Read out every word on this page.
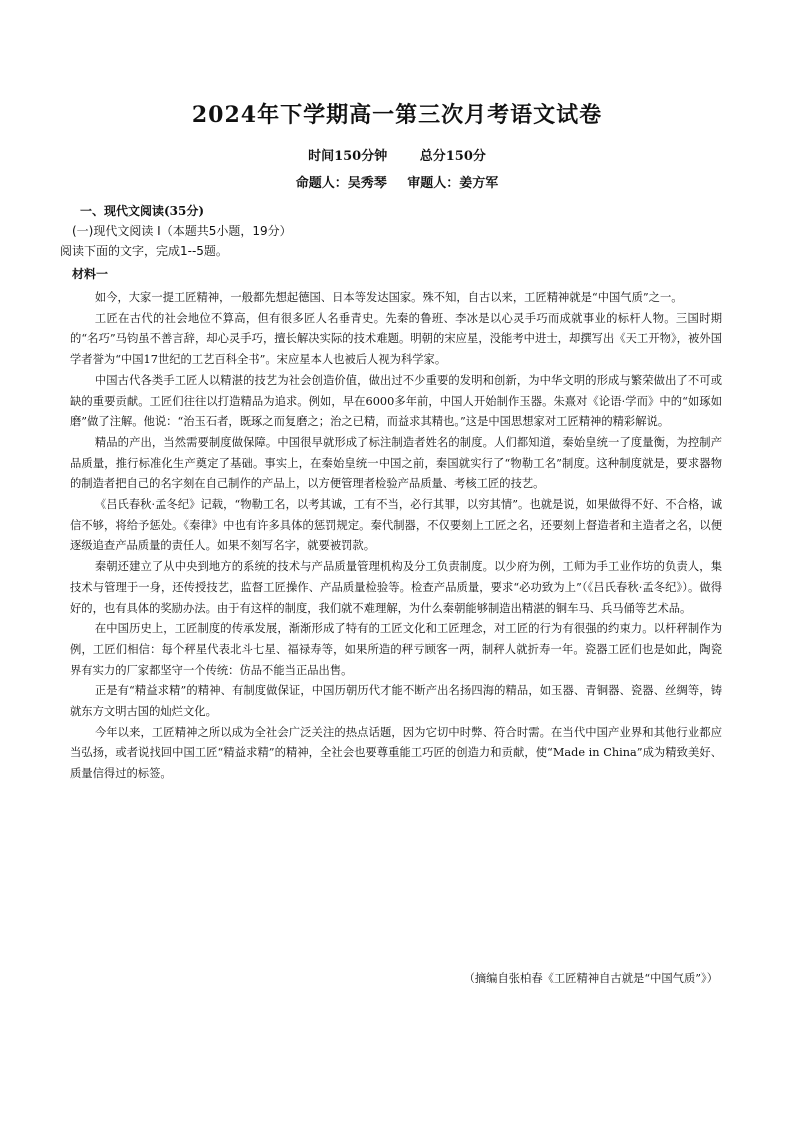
2024年下学期高一第三次月考语文试卷
时间150分钟	总分150分
命题人：吴秀琴 审题人：姜方军
一、现代文阅读(35分)
(一)现代文阅读 Ⅰ（本题共5小题，19分）
阅读下面的文字，完成1--5题。
材料一

如今，大家一提工匠精神，一般都先想起德国、日本等发达国家。殊不知，自古以来，工匠精神就是“中国气质”之一。

工匠在古代的社会地位不算高，但有很多匠人名垂青史。先秦的鲁班、李冰是以心灵手巧而成就事业的标杆人物。三国时期的“名巧”马钧虽不善言辞，却心灵手巧，擅长解决实际的技术难题。明朝的宋应星，没能考中进士，却撰写出《天工开物》，被外国学者誉为“中国17世纪的工艺百科全书”。宋应星本人也被后人视为科学家。

中国古代各类手工匠人以精湛的技艺为社会创造价值，做出过不少重要的发明和创新，为中华文明的形成与繁荣做出了不可或缺的重要贡献。工匠们往往以打造精品为追求。例如，早在6000多年前，中国人开始制作玉器。朱熹对《论语·学而》中的“如琢如磨”做了注解。他说：“治玉石者，既琢之而复磨之；治之已精，而益求其精也。”这是中国思想家对工匠精神的精彩解说。

精品的产出，当然需要制度做保障。中国很早就形成了标注制造者姓名的制度。人们都知道，秦始皇统一了度量衡，为控制产品质量，推行标准化生产奠定了基础。事实上，在秦始皇统一中国之前，秦国就实行了“物勒工名”制度。这种制度就是，要求器物的制造者把自己的名字刻在自己制作的产品上，以方便管理者检验产品质量、考核工匠的技艺。

《吕氏春秋·孟冬纪》记载，“物勒工名，以考其诚，工有不当，必行其罪，以穷其情”。也就是说，如果做得不好、不合格，诚信不够，将给予惩处。《秦律》中也有许多具体的惩罚规定。秦代制器，不仅要刻上工匠之名，还要刻上督造者和主造者之名，以便逐级追查产品质量的责任人。如果不刻写名字，就要被罚款。

秦朝还建立了从中央到地方的系统的技术与产品质量管理机构及分工负责制度。以少府为例，工师为手工业作坊的负责人，集技术与管理于一身，还传授技艺，监督工匠操作、产品质量检验等。检查产品质量，要求“必功致为上”（《吕氏春秋·孟冬纪》）。做得好的，也有具体的奖励办法。由于有这样的制度，我们就不难理解，为什么秦朝能够制造出精湛的铜车马、兵马俑等艺术品。

在中国历史上，工匠制度的传承发展，渐渐形成了特有的工匠文化和工匠理念，对工匠的行为有很强的约束力。以杆秤制作为例，工匠们相信：每个秤星代表北斗七星、福禄寿等，如果所造的秤亏顾客一两，制秤人就折寿一年。瓷器工匠们也是如此，陶瓷界有实力的厂家都坚守一个传统：仿品不能当正品出售。

正是有“精益求精”的精神、有制度做保证，中国历朝历代才能不断产出名扬四海的精品，如玉器、青铜器、瓷器、丝绸等，铸就东方文明古国的灿烂文化。

今年以来，工匠精神之所以成为全社会广泛关注的热点话题，因为它切中时弊、符合时需。在当代中国产业界和其他行业都应当弘扬，或者说找回中国工匠“精益求精”的精神，全社会也要尊重能工巧匠的创造力和贡献，使“Made in China”成为精致美好、质量信得过的标签。

（摘编自张柏春《工匠精神自古就是“中国气质”》）
